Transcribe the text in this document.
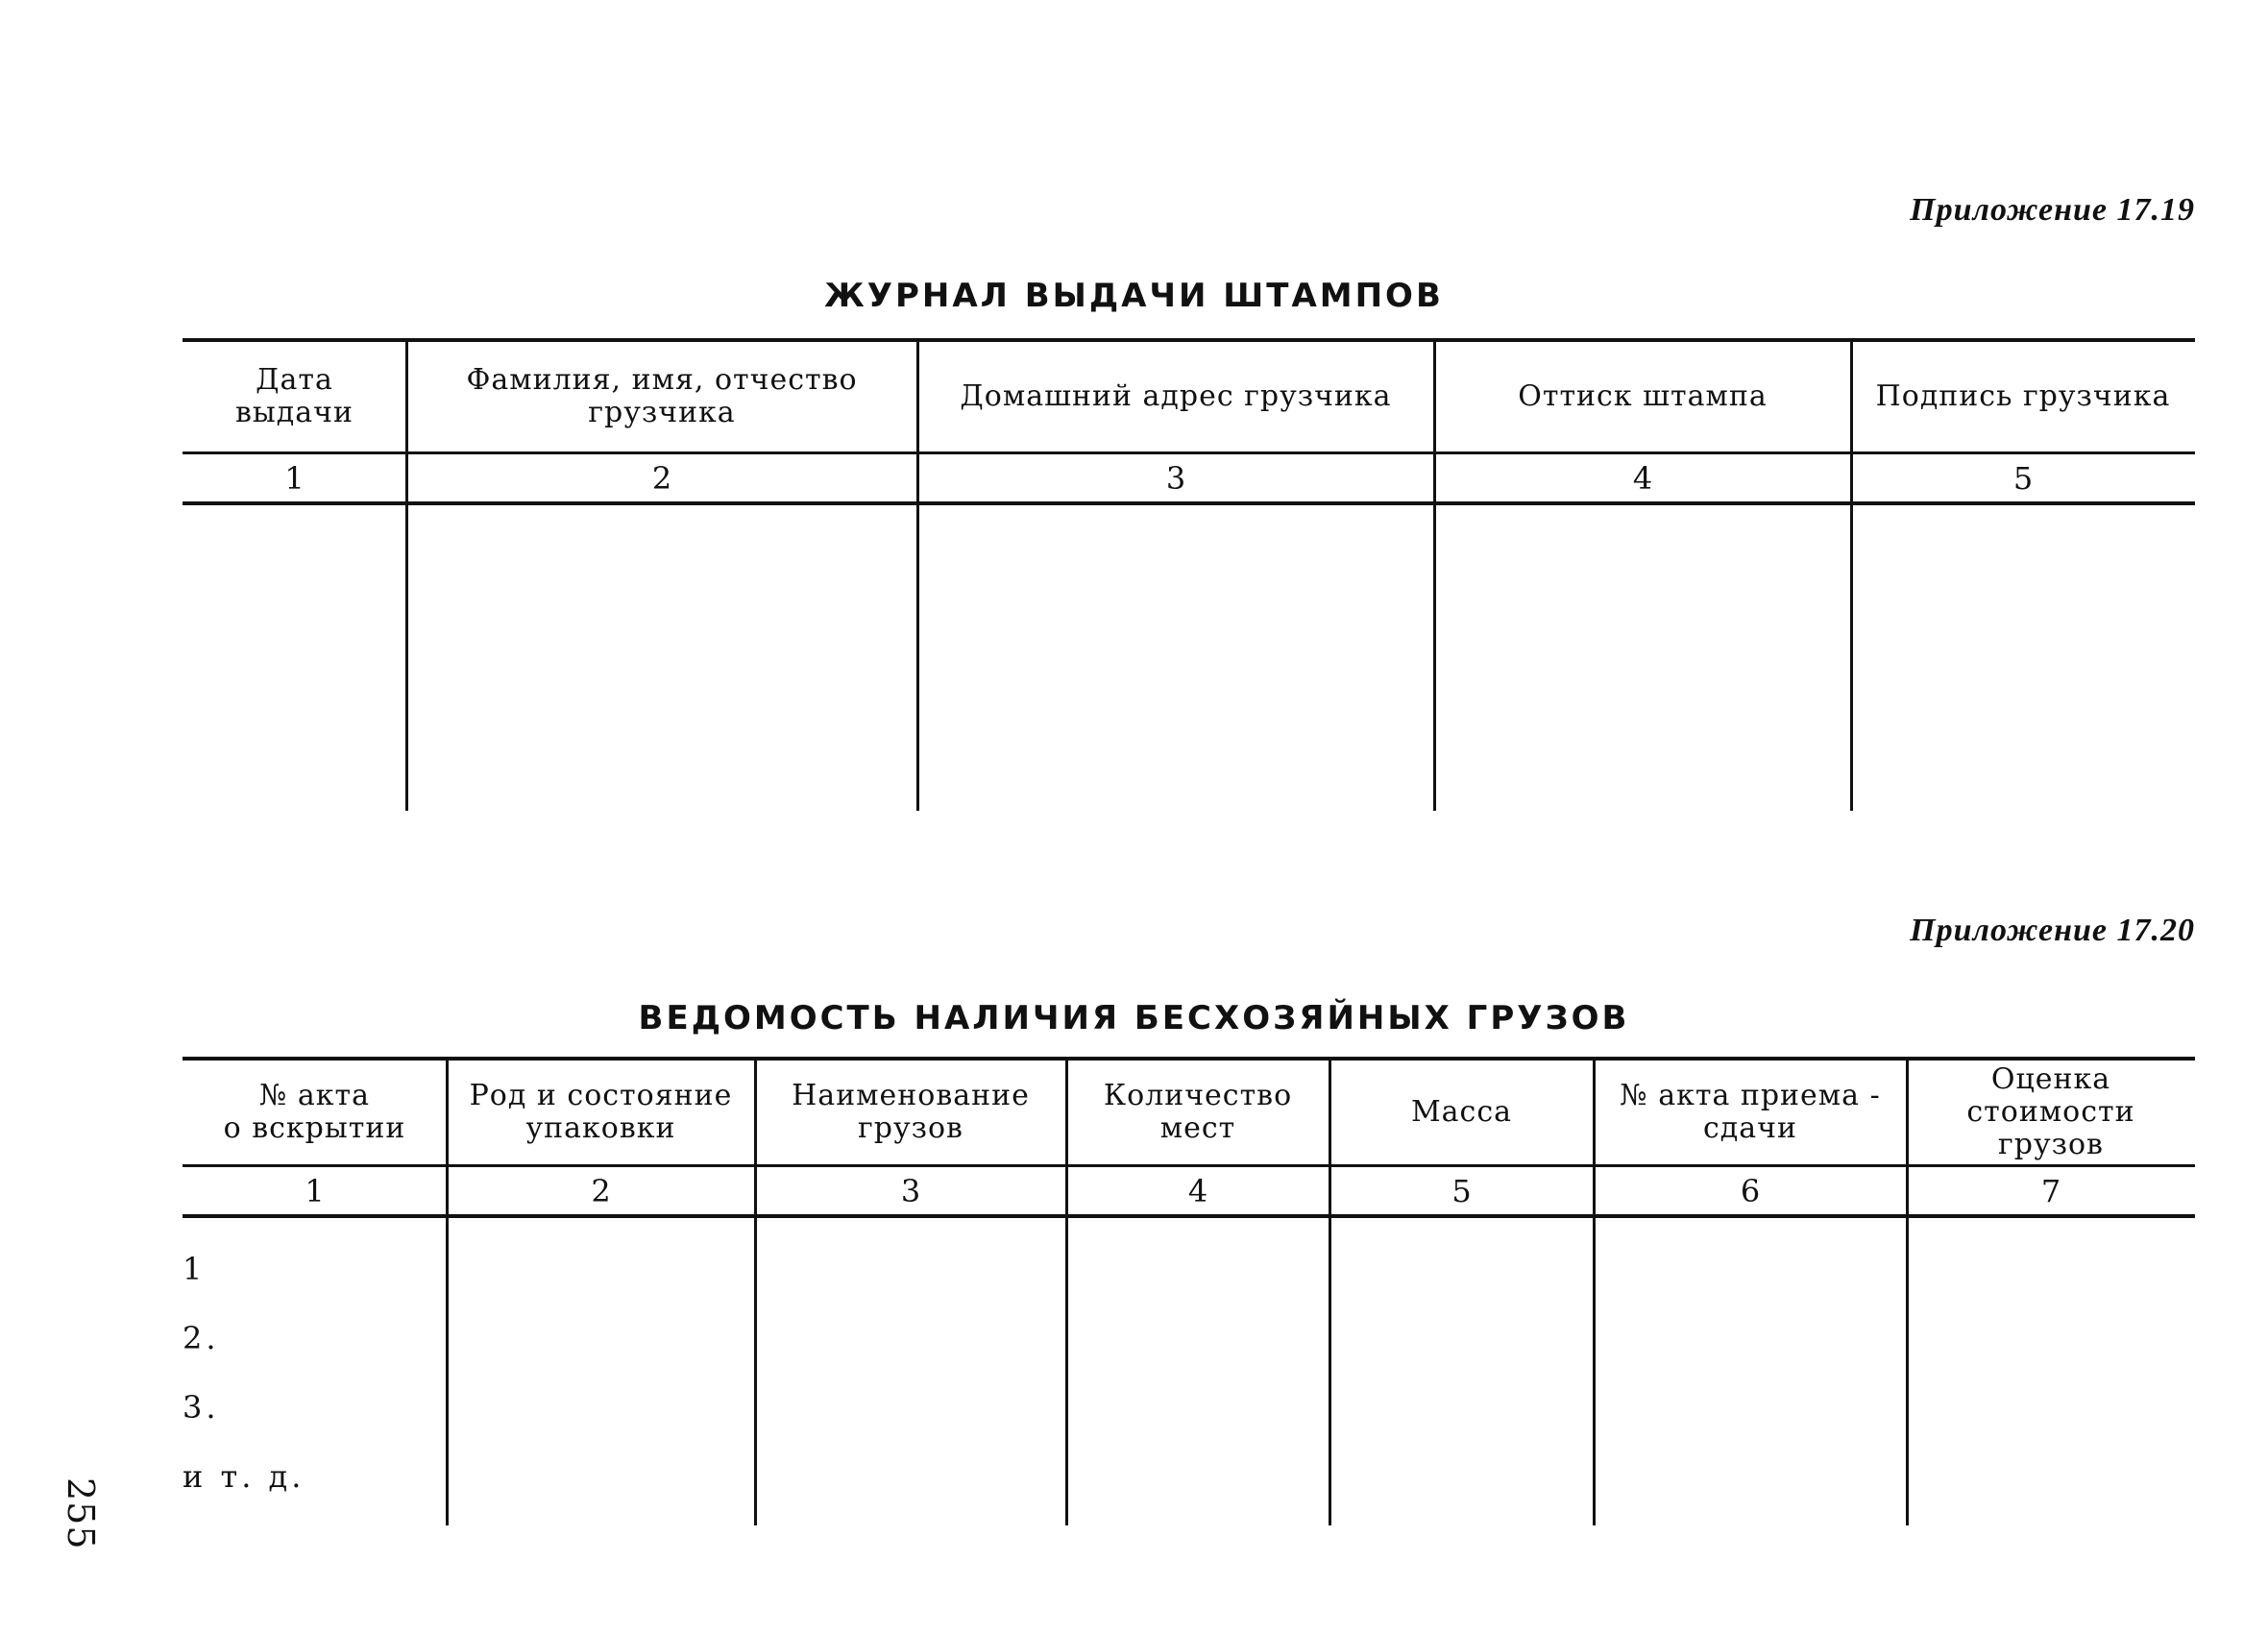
Приложение 17.19
ЖУРНАЛ ВЫДАЧИ ШТАМПОВ
Дата
выдачи
1
Фамилия, имя, отчество
грузчика
2
Домашний адрес грузчика
3
Оттиск штампа
4
Подпись грузчика
5
Приложение 17.20
ВЕДОМОСТЬ НАЛИЧИЯ БЕСХОЗЯЙНЫХ ГРУЗОВ
№ акта
о вскрытии
1
Род и состояние
упаковки
2
Наименование
грузов
3
Количество
мест
4
Масса
5
№ акта приема -
сдачи
6
Оценка стоимости
грузов
7
1
2.
3.
и т. д.
255
